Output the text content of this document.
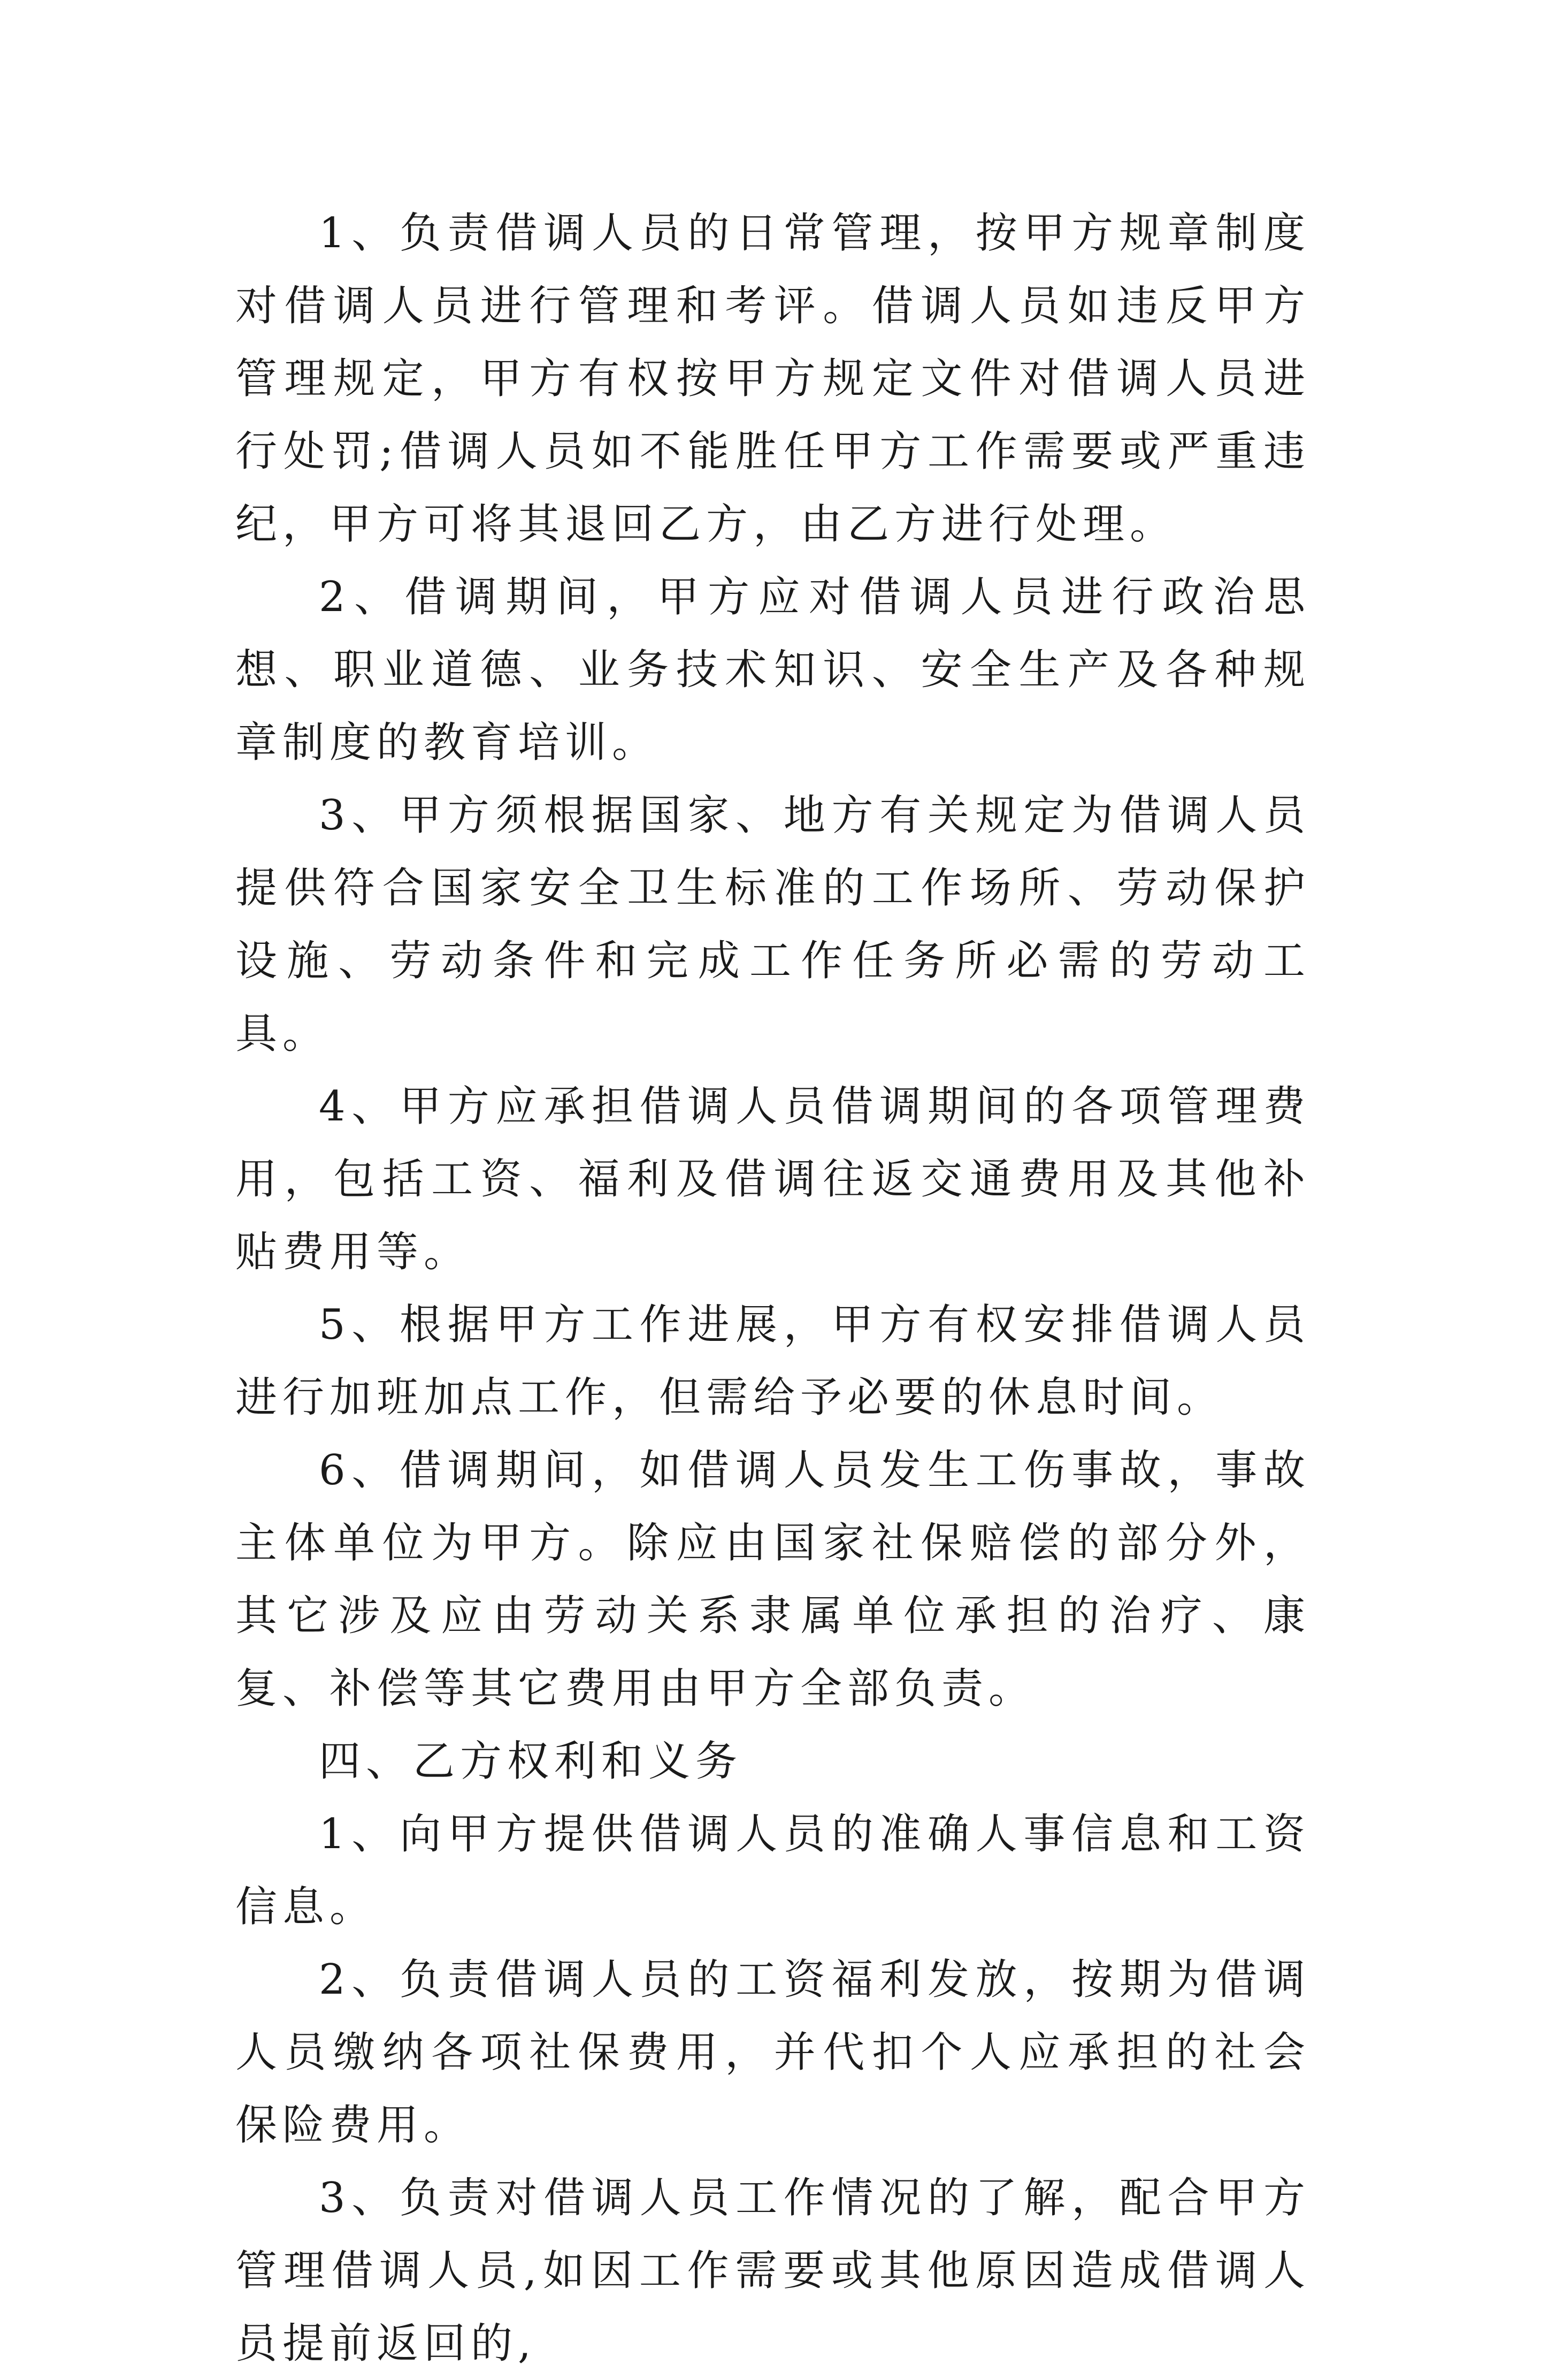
1、负责借调人员的日常管理，按甲方规章制度对借调人员进行管理和考评。借调人员如违反甲方管理规定，甲方有权按甲方规定文件对借调人员进行处罚;借调人员如不能胜任甲方工作需要或严重违纪，甲方可将其退回乙方，由乙方进行处理。

2、借调期间，甲方应对借调人员进行政治思想、职业道德、业务技术知识、安全生产及各种规章制度的教育培训。

3、甲方须根据国家、地方有关规定为借调人员提供符合国家安全卫生标准的工作场所、劳动保护设施、劳动条件和完成工作任务所必需的劳动工具。

4、甲方应承担借调人员借调期间的各项管理费用，包括工资、福利及借调往返交通费用及其他补贴费用等。

5、根据甲方工作进展，甲方有权安排借调人员进行加班加点工作，但需给予必要的休息时间。

6、借调期间，如借调人员发生工伤事故，事故主体单位为甲方。除应由国家社保赔偿的部分外，其它涉及应由劳动关系隶属单位承担的治疗、康复、补偿等其它费用由甲方全部负责。

四、乙方权利和义务

1、向甲方提供借调人员的准确人事信息和工资信息。

2、负责借调人员的工资福利发放，按期为借调人员缴纳各项社保费用，并代扣个人应承担的社会保险费用。

3、负责对借调人员工作情况的了解，配合甲方管理借调人员,如因工作需要或其他原因造成借调人员提前返回的,
